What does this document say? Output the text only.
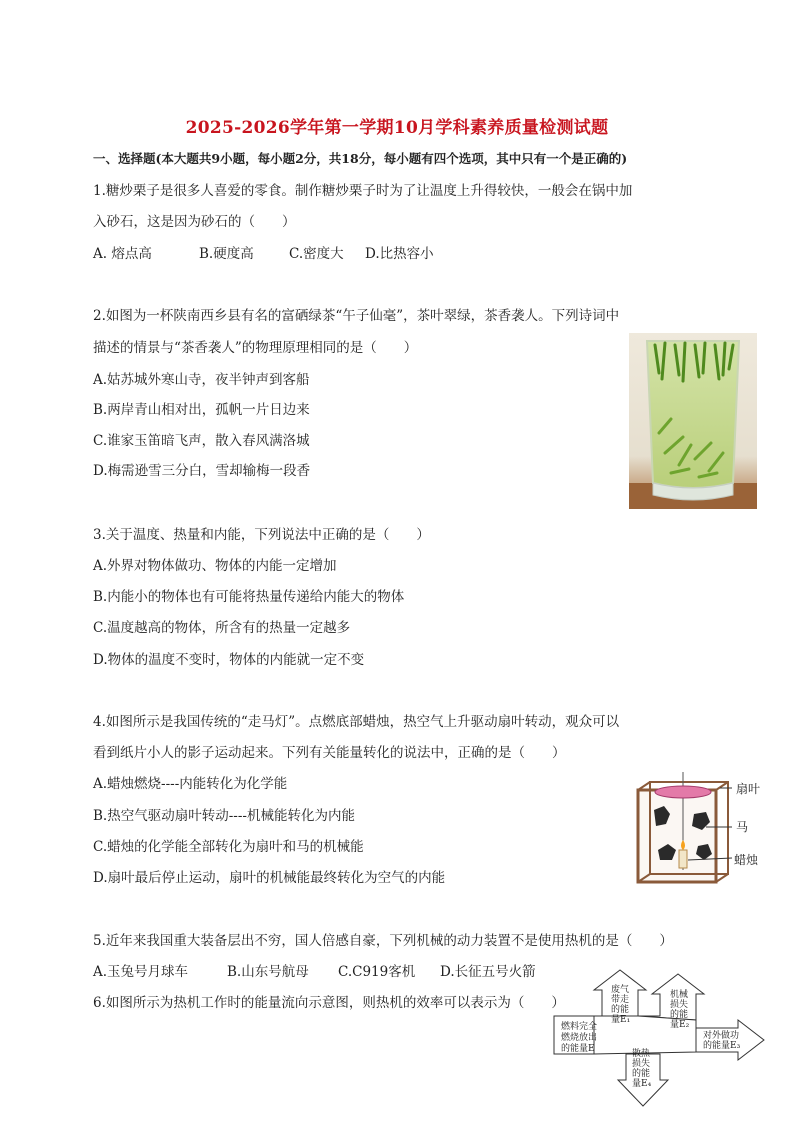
2025-2026学年第一学期10月学科素养质量检测试题
一、选择题(本大题共9小题，每小题2分，共18分，每小题有四个选项，其中只有一个是正确的)
1.糖炒栗子是很多人喜爱的零食。制作糖炒栗子时为了让温度上升得较快，一般会在锅中加
入砂石，这是因为砂石的（　　）
A. 熔点高	B.硬度高	C.密度大 D.比热容小
2.如图为一杯陕南西乡县有名的富硒绿茶“午子仙毫”，茶叶翠绿，茶香袭人。下列诗词中
描述的情景与“茶香袭人”的物理原理相同的是（　　）
A.姑苏城外寒山寺，夜半钟声到客船
B.两岸青山相对出，孤帆一片日边来
C.谁家玉笛暗飞声，散入春风满洛城
D.梅需逊雪三分白，雪却输梅一段香
3.关于温度、热量和内能，下列说法中正确的是（　　）
A.外界对物体做功、物体的内能一定增加
B.内能小的物体也有可能将热量传递给内能大的物体
C.温度越高的物体，所含有的热量一定越多
D.物体的温度不变时，物体的内能就一定不变
4.如图所示是我国传统的“走马灯”。点燃底部蜡烛，热空气上升驱动扇叶转动，观众可以
看到纸片小人的影子运动起来。下列有关能量转化的说法中，正确的是（　　）
A.蜡烛燃烧----内能转化为化学能
B.热空气驱动扇叶转动----机械能转化为内能
C.蜡烛的化学能全部转化为扇叶和马的机械能
D.扇叶最后停止运动，扇叶的机械能最终转化为空气的内能
扇叶
马
蜡烛
5.近年来我国重大装备层出不穷，国人倍感自豪，下列机械的动力装置不是使用热机的是（　　）
A.玉兔号月球车	B.山东号航母 C.C919客机 D.长征五号火箭
6.如图所示为热机工作时的能量流向示意图，则热机的效率可以表示为（　　）
燃料完全
燃烧放出
的能量E
废气
带走
的能
量E₁
机械
损失
的能
量E₂
对外做功
的能量E₃
散热
损失
的能
量E₄
